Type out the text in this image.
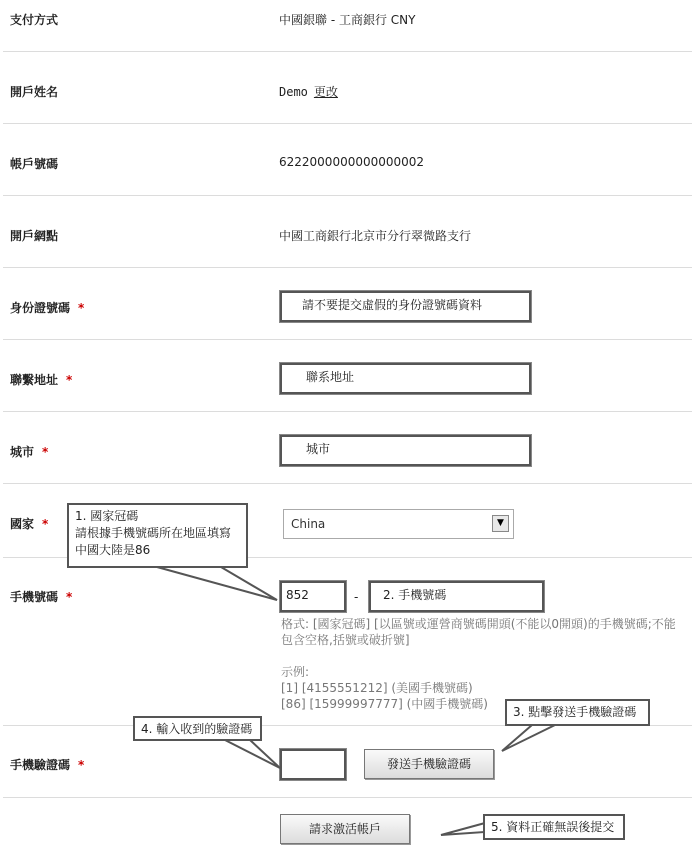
支付方式	中國銀聯 - 工商銀行 CNY
開戶姓名	Demo 更改
帳戶號碼	6222000000000000002
開戶網點	中國工商銀行北京市分行翠微路支行
身份證號碼 *	請不要提交虛假的身份證號碼資料
聯繫地址 *	聯系地址
城市 *	城市
國家 *	China	▼
手機號碼 *	852	-	2. 手機號碼
格式: [國家冠碼] [以區號或運營商號碼開頭(不能以0開頭)的手機號碼;不能
包含空格,括號或破折號]
示例:
[1] [4155551212] (美國手機號碼)
[86] [15999997777] (中國手機號碼)
手機驗證碼 *	發送手機驗證碼
請求激活帳戶
1. 國家冠碼
請根據手機號碼所在地區填寫
中國大陸是86
3. 點擊發送手機驗證碼
4. 輸入收到的驗證碼
5. 資料正確無誤後提交
